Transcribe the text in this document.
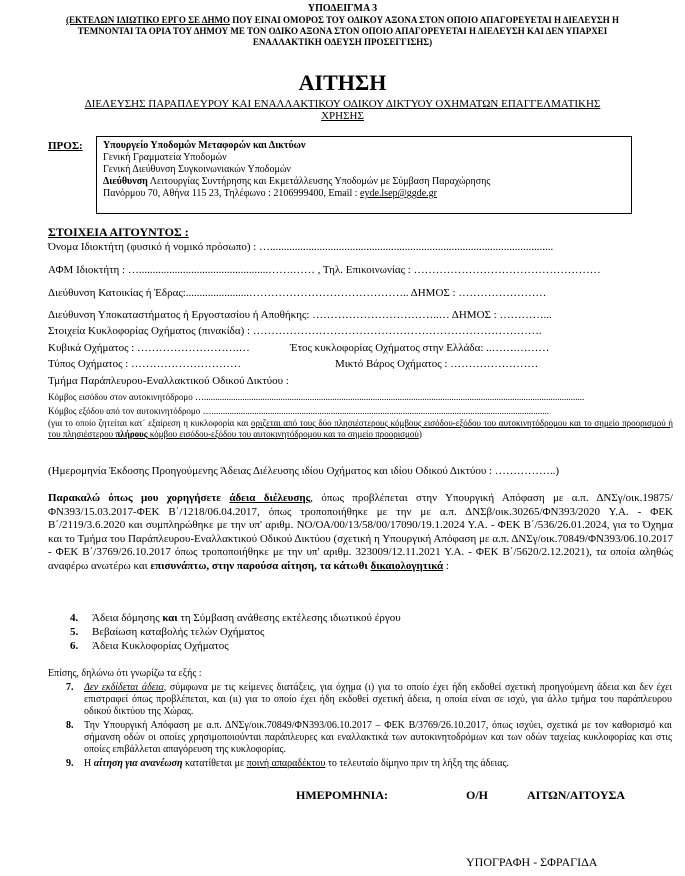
ΥΠΟΔΕΙΓΜΑ 3
(ΕΚΤΕΛΩΝ ΙΔΙΩΤΙΚΟ ΕΡΓΟ ΣΕ ΔΗΜΟ ΠΟΥ ΕΙΝΑΙ ΟΜΟΡΟΣ ΤΟΥ ΟΔΙΚΟΥ ΑΞΟΝΑ ΣΤΟΝ ΟΠΟΙΟ ΑΠΑΓΟΡΕΥΕΤΑΙ Η ΔΙΕΛΕΥΣΗ Η
ΤΕΜΝΟΝΤΑΙ ΤΑ ΟΡΙΑ ΤΟΥ ΔΗΜΟΥ ΜΕ ΤΟΝ ΟΔΙΚΟ ΑΞΟΝΑ ΣΤΟΝ ΟΠΟΙΟ ΑΠΑΓΟΡΕΥΕΤΑΙ Η ΔΙΕΛΕΥΣΗ ΚΑΙ ΔΕΝ ΥΠΑΡΧΕΙ
ΕΝΑΛΛΑΚΤΙΚΗ ΟΔΕΥΣΗ ΠΡΟΣΕΓΓΙΣΗΣ)
ΑΙΤΗΣΗ
ΔΙΕΛΕΥΣΗΣ ΠΑΡΑΠΛΕΥΡΟΥ ΚΑΙ ΕΝΑΛΛΑΚΤΙΚΟΥ ΟΔΙΚΟΥ ΔΙΚΤΥΟΥ ΟΧΗΜΑΤΩΝ ΕΠΑΓΓΕΛΜΑΤΙΚΗΣ
ΧΡΗΣΗΣ
ΠΡΟΣ: Υπουργείο Υποδομών Μεταφορών και Δικτύων
Γενική Γραμματεία Υποδομών
Γενική Διεύθυνση Συγκοινωνιακών Υποδομών
Διεύθυνση Λειτουργίας Συντήρησης και Εκμετάλλευσης Υποδομών με Σύμβαση Παραχώρησης
Πανόρμου 70, Αθήνα 115 23, Τηλέφωνο : 2106999400, Email : eyde.lsep@ggde.gr
ΣΤΟΙΧΕΙΑ ΑΙΤΟΥΝΤΟΣ :
Όνομα Ιδιοκτήτη (φυσικό ή νομικό πρόσωπο) : ….......................................................................................................
ΑΦΜ Ιδιοκτήτη : …...............................................…….…… , Τηλ. Επικοινωνίας : ……………………………………………
Διεύθυνση Κατοικίας ή Έδρας:.......................…………………………………….. ΔΗΜΟΣ : ……………………
Διεύθυνση Υποκαταστήματος ή Εργοστασίου ή Αποθήκης: ……………………………..… ΔΗΜΟΣ : …………...
Στοιχεία Κυκλοφορίας Οχήματος (πινακίδα) : …………………………………………………………………….
Κυβικά Οχήματος : ……………………….…	Έτος κυκλοφορίας Οχήματος στην Ελλάδα: ..…….………
Τύπος Οχήματος : …………………………	Μικτό Βάρος Οχήματος : ……………………
Τμήμα Παράπλευρου-Εναλλακτικού Οδικού Δικτύου :
Κόμβος εισόδου στον αυτοκινητόδρομο ….........................................................................................................................................................................
Κόμβος εξόδου από τον αυτοκινητόδρομο …......................................................................................................................................................
(για το οποίο ζητείται κατ΄ εξαίρεση η κυκλοφορία και οριζεται από τους δύο πλησιέστερους κόμβους εισόδου-εξόδου του αυτοκινητόδρομου και το σημείο προορισμού ή του πλησιέστερου πλήρους κόμβου εισόδου-εξόδου του αυτοκινητόδρομου και το σημείο προορισμού)
(Ημερομηνία Έκδοσης Προηγούμενης Άδειας Διέλευσης ιδίου Οχήματος και ιδίου Οδικού Δικτύου : ……………..)
Παρακαλώ όπως μου χορηγήσετε άδεια διέλευσης, όπως προβλέπεται στην Υπουργική Απόφαση με α.π. ΔΝΣγ/οικ.19875/ΦΝ393/15.03.2017-ΦΕΚ Β΄/1218/06.04.2017, όπως τροποποιήθηκε με την με α.π. ΔΝΣβ/οικ.30265/ΦΝ393/2020 Υ.Α. - ΦΕΚ Β΄/2119/3.6.2020 και συμπληρώθηκε με την υπ' αριθμ. ΝΟ/ΟΑ/00/13/58/00/17090/19.1.2024 Υ.Α. - ΦΕΚ Β΄/536/26.01.2024, για το Όχημα και το Τμήμα του Παράπλευρου-Εναλλακτικού Οδικού Δικτύου (σχετική η Υπουργική Απόφαση με α.π. ΔΝΣγ/οικ.70849/ΦΝ393/06.10.2017 - ΦΕΚ Β΄/3769/26.10.2017 όπως τροποποιήθηκε με την υπ' αριθμ. 323009/12.11.2021 Υ.Α. - ΦΕΚ Β΄/5620/2.12.2021), τα οποία αληθώς αναφέρω ανωτέρω και επισυνάπτω, στην παρούσα αίτηση, τα κάτωθι δικαιολογητικά :
4. Άδεια δόμησης και τη Σύμβαση ανάθεσης εκτέλεσης ιδιωτικού έργου
5. Βεβαίωση καταβολής τελών Οχήματος
6. Άδεια Κυκλοφορίας Οχήματος
Επίσης, δηλώνω ότι γνωρίζω τα εξής :
7. Δεν εκδίδεται άδεια, σύμφωνα με τις κείμενες διατάξεις, για όχημα (ι) για το οποίο έχει ήδη εκδοθεί σχετική προηγούμενη άδεια και δεν έχει επιστραφεί όπως προβλέπεται, και (ιι) για το οποίο έχει ήδη εκδοθεί σχετική άδεια, η οποία είναι σε ισχύ, για άλλο τμήμα του παράπλευρου οδικού δικτύου της Χώρας.
8. Την Υπουργική Απόφαση με α.π. ΔΝΣγ/οικ.70849/ΦΝ393/06.10.2017 – ΦΕΚ Β/3769/26.10.2017, όπως ισχύει, σχετικά με τον καθορισμό και σήμανση οδών οι οποίες χρησιμοποιούνται παράπλευρες και εναλλακτικά των αυτοκινητοδρόμων και των οδών ταχείας κυκλοφορίας και στις οποίες επιβάλλεται απαγόρευση της κυκλοφορίας.
9. Η αίτηση για ανανέωση κατατίθεται με ποινή απαραδέκτου το τελευταίο δίμηνο πριν τη λήξη της άδειας.
ΗΜΕΡΟΜΗΝΙΑ:	Ο/Η	ΑΙΤΩΝ/ΑΙΤΟΥΣΑ
ΥΠΟΓΡΑΦΗ - ΣΦΡΑΓΙΔΑ
